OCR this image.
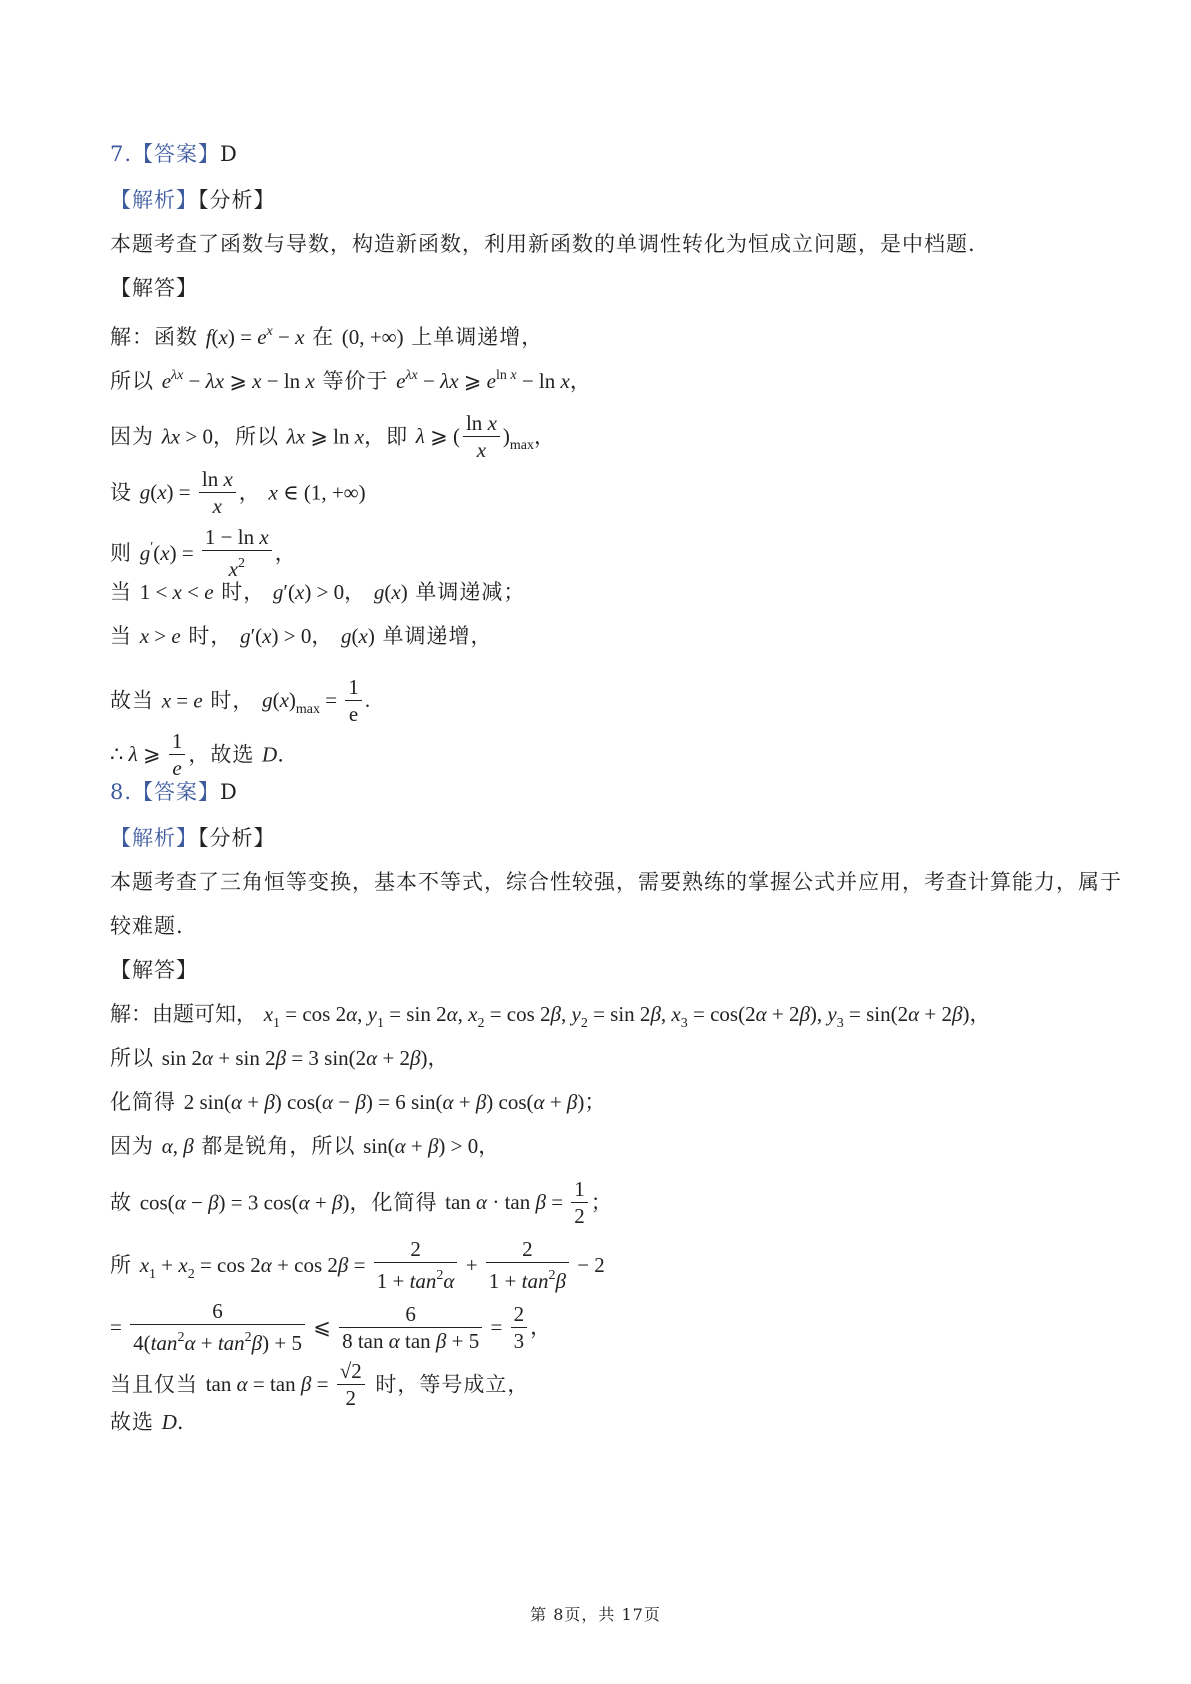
7.【答案】D
【解析】【分析】
本题考查了函数与导数，构造新函数，利用新函数的单调性转化为恒成立问题，是中档题.
【解答】
解：函数 $f(x) = e^x - x$ 在 (0, +∞) 上单调递增，
所以 $e^{\lambda x} - \lambda x$ ⩾ x − ln x 等价于 $e^{\lambda x} - \lambda x$ ⩾ $e^{ln x} - \ln x$，
因为 λx > 0，所以 λx ⩾ ln x，即 λ ⩾ ( $\frac{\text{ln x}}{x} )_{max}$，
设 $g(x) = \frac{\text{ln x}}{x}$ ， x ∈ (1, +∞)
则 $g'(x) = \frac{\text{1 − ln x}}{x^2}$ ，
当 1 < x < e 时， g′(x) > 0， g(x) 单调递减；
当 x > e 时， g′(x) > 0， g(x) 单调递增，
故当 x = e 时， $g(x)_{max} = \frac{1}{e}$ .
∴ λ ⩾ $\frac{1}{e}$ ，故选 D.
8.【答案】D
【解析】【分析】
本题考查了三角恒等变换，基本不等式，综合性较强，需要熟练的掌握公式并应用，考查计算能力，属于
较难题.
【解答】
解：由题可知， $x_1 = \cos 2\alpha$, $y_1 = \sin 2\alpha$, $x_2 = \cos 2\beta$, $y_2 = \sin 2\beta$, $x_3 = \cos(2\alpha + 2\beta)$, $y_3 = \sin(2\alpha + 2\beta)$，
所以 sin 2α + sin 2β = 3 sin(2α + 2β)，
化简得 2 sin(α + β) cos(α − β) = 6 sin(α + β) cos(α + β)；
因为 α, β 都是锐角，所以 sin(α + β) > 0，
故 cos(α − β) = 3 cos(α + β)，化简得 $\tan \alpha \cdot \tan \beta = \frac{1}{2}$ ；
所 $x_1 + x_2 = \cos 2\alpha + \cos 2\beta = \frac{2}{1 + \tan^2\alpha} + \frac{2}{1 + \tan^2\beta} - 2$
= $\frac{6}{4(\tan^2\alpha + \tan^2\beta) + 5}$ ⩽ $\frac{6}{\text{8 tan α tan β + 5}} = \frac{2}{3}$ ，
当且仅当 $\tan \alpha = \tan \beta = \frac{√2}{2}$ 时，等号成立，
故选 D.
第 8页，共 17页
